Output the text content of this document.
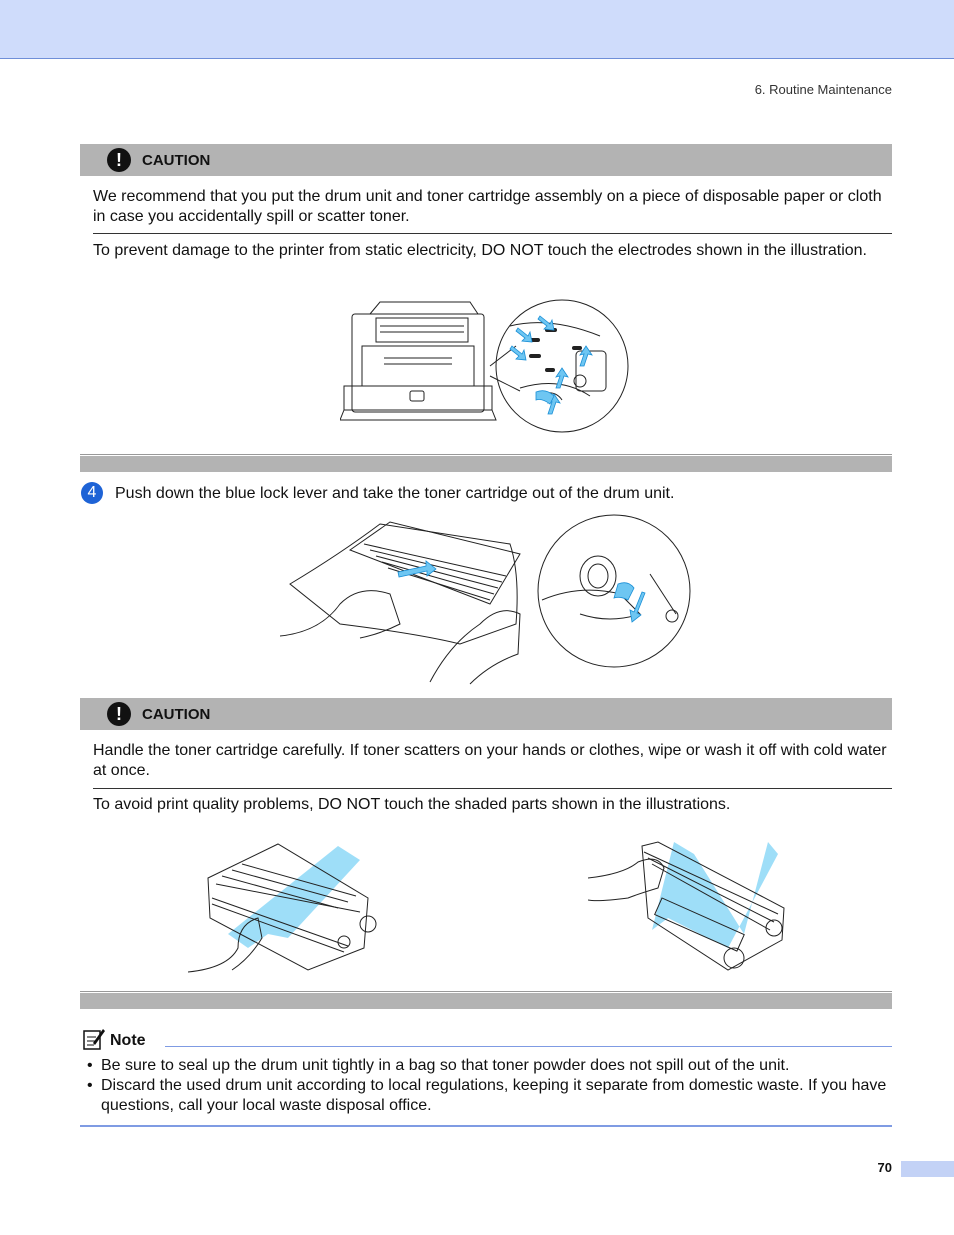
6. Routine Maintenance
!	CAUTION
We recommend that you put the drum unit and toner cartridge assembly on a piece of disposable paper or cloth in case you accidentally spill or scatter toner.
To prevent damage to the printer from static electricity, DO NOT touch the electrodes shown in the illustration.
4	Push down the blue lock lever and take the toner cartridge out of the drum unit.
!	CAUTION
Handle the toner cartridge carefully. If toner scatters on your hands or clothes, wipe or wash it off with cold water at once.
To avoid print quality problems, DO NOT touch the shaded parts shown in the illustrations.
Note
• Be sure to seal up the drum unit tightly in a bag so that toner powder does not spill out of the unit.
• Discard the used drum unit according to local regulations, keeping it separate from domestic waste. If you have questions, call your local waste disposal office.
70
